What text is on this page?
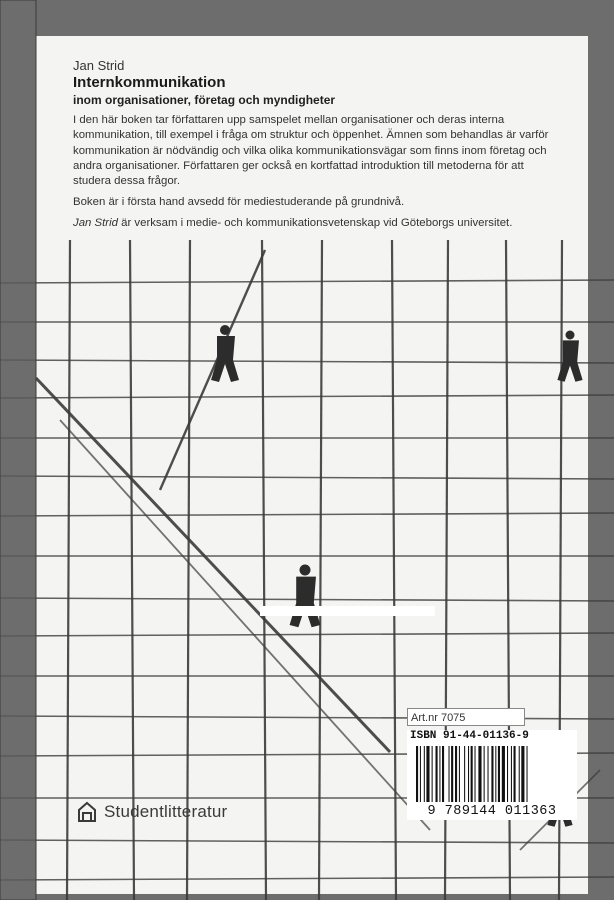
Jan Strid

Internkommunikation

inom organisationer, företag och myndigheter

I den här boken tar författaren upp samspelet mellan organisationer och deras interna kommunikation, till exempel i fråga om struktur och öppenhet. Ämnen som behandlas är varför kommunikation är nödvändig och vilka olika kommunikationsvägar som finns inom företag och andra organisationer. Författaren ger också en kortfattad introduktion till metoderna för att studera dessa frågor.

Boken är i första hand avsedd för mediestuderande på grundnivå.

Jan Strid är verksam i medie- och kommunikationsvetenskap vid Göteborgs universitet.

Studentlitteratur
Art.nr 7075
ISBN 91-44-01136-9
9 789144 011363
